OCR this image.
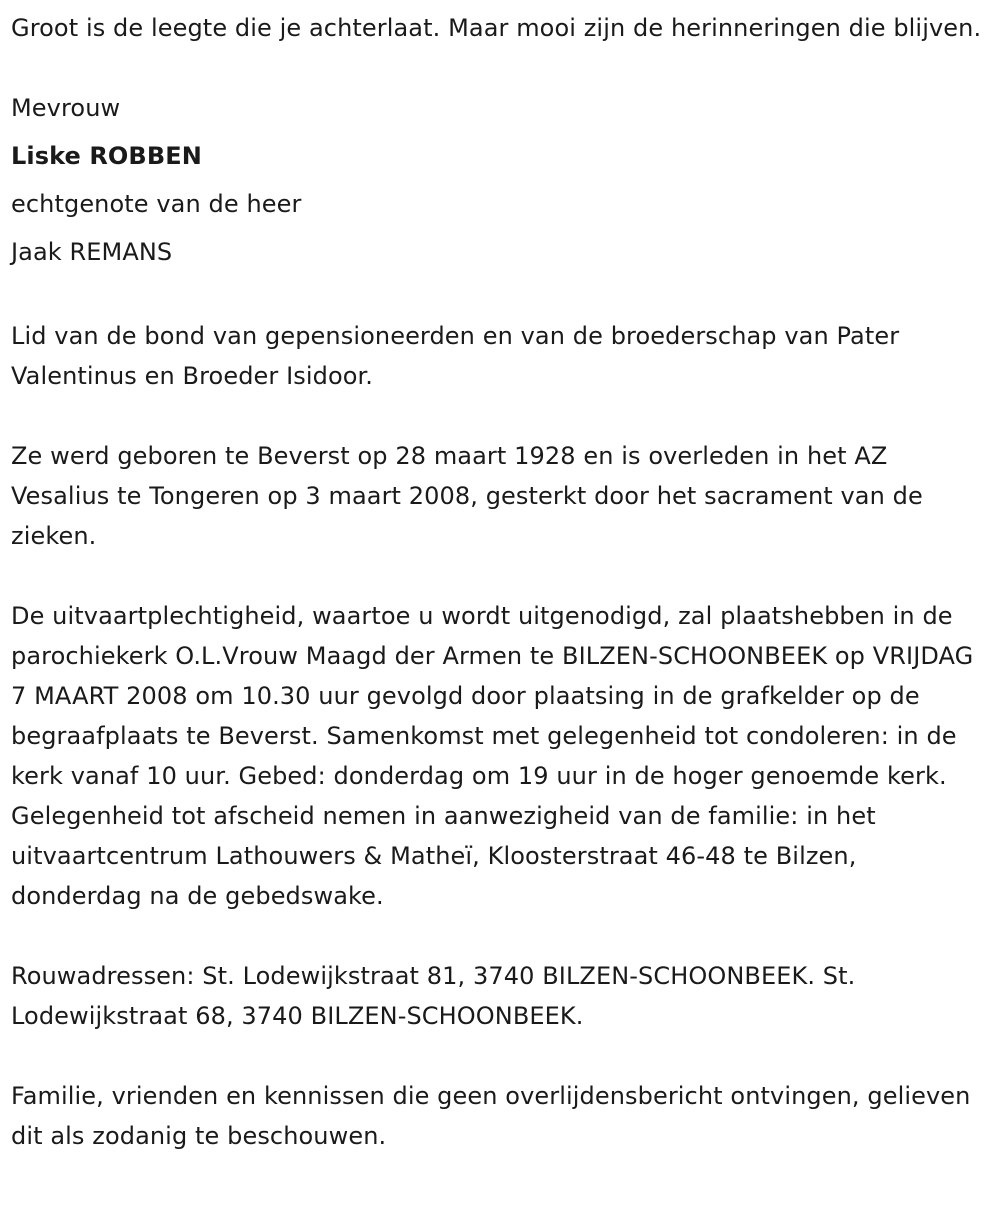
Groot is de leegte die je achterlaat. Maar mooi zijn de herinneringen die blijven.

Mevrouw
Liske ROBBEN
echtgenote van de heer
Jaak REMANS

Lid van de bond van gepensioneerden en van de broederschap van Pater Valentinus en Broeder Isidoor.

Ze werd geboren te Beverst op 28 maart 1928 en is overleden in het AZ Vesalius te Tongeren op 3 maart 2008, gesterkt door het sacrament van de zieken.

De uitvaartplechtigheid, waartoe u wordt uitgenodigd, zal plaatshebben in de parochiekerk O.L.Vrouw Maagd der Armen te BILZEN-SCHOONBEEK op VRIJDAG 7 MAART 2008 om 10.30 uur gevolgd door plaatsing in de grafkelder op de begraafplaats te Beverst. Samenkomst met gelegenheid tot condoleren: in de kerk vanaf 10 uur. Gebed: donderdag om 19 uur in de hoger genoemde kerk. Gelegenheid tot afscheid nemen in aanwezigheid van de familie: in het uitvaartcentrum Lathouwers & Matheï, Kloosterstraat 46-48 te Bilzen, donderdag na de gebedswake.

Rouwadressen: St. Lodewijkstraat 81, 3740 BILZEN-SCHOONBEEK. St. Lodewijkstraat 68, 3740 BILZEN-SCHOONBEEK.

Familie, vrienden en kennissen die geen overlijdensbericht ontvingen, gelieven dit als zodanig te beschouwen.
